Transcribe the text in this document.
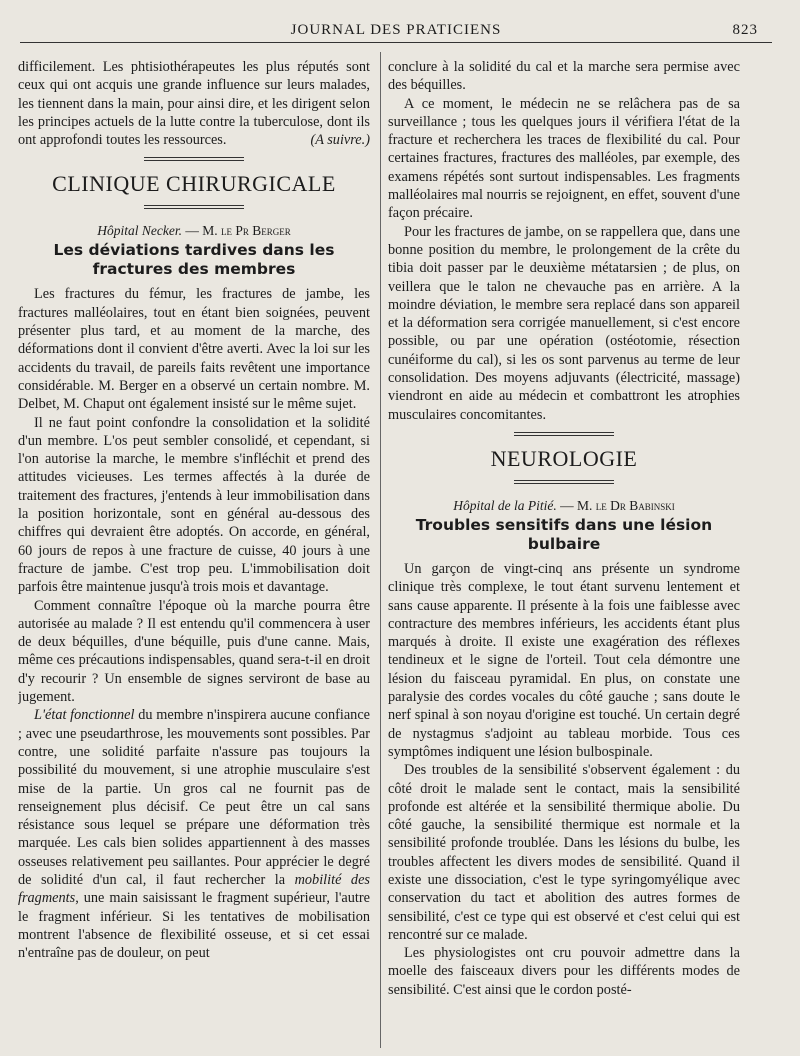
JOURNAL DES PRATICIENS	823

difficilement. Les phtisiothérapeutes les plus réputés sont ceux qui ont acquis une grande influence sur leurs malades, les tiennent dans la main, pour ainsi dire, et les dirigent selon les principes actuels de la lutte contre la tuberculose, dont ils ont approfondi toutes les ressources.	(A suivre.)

CLINIQUE CHIRURGICALE
Hôpital Necker. — M. le Pr Berger
Les déviations tardives dans les fractures des membres

Les fractures du fémur, les fractures de jambe, les fractures malléolaires, tout en étant bien soignées, peuvent présenter plus tard, et au moment de la marche, des déformations dont il convient d'être averti. Avec la loi sur les accidents du travail, de pareils faits revêtent une importance considérable. M. Berger en a observé un certain nombre. M. Delbet, M. Chaput ont également insisté sur le même sujet.

Il ne faut point confondre la consolidation et la solidité d'un membre. L'os peut sembler consolidé, et cependant, si l'on autorise la marche, le membre s'infléchit et prend des attitudes vicieuses. Les termes affectés à la durée de traitement des fractures, j'entends à leur immobilisation dans la position horizontale, sont en général au-dessous des chiffres qui devraient être adoptés. On accorde, en général, 60 jours de repos à une fracture de cuisse, 40 jours à une fracture de jambe. C'est trop peu. L'immobilisation doit parfois être maintenue jusqu'à trois mois et davantage.

Comment connaître l'époque où la marche pourra être autorisée au malade ? Il est entendu qu'il commencera à user de deux béquilles, d'une béquille, puis d'une canne. Mais, même ces précautions indispensables, quand sera-t-il en droit d'y recourir ? Un ensemble de signes serviront de base au jugement.

L'état fonctionnel du membre n'inspirera aucune confiance ; avec une pseudarthrose, les mouvements sont possibles. Par contre, une solidité parfaite n'assure pas toujours la possibilité du mouvement, si une atrophie musculaire s'est mise de la partie. Un gros cal ne fournit pas de renseignement plus décisif. Ce peut être un cal sans résistance sous lequel se prépare une déformation très marquée. Les cals bien solides appartiennent à des masses osseuses relativement peu saillantes. Pour apprécier le degré de solidité d'un cal, il faut rechercher la mobilité des fragments, une main saisissant le fragment supérieur, l'autre le fragment inférieur. Si les tentatives de mobilisation montrent l'absence de flexibilité osseuse, et si cet essai n'entraîne pas de douleur, on peut

conclure à la solidité du cal et la marche sera permise avec des béquilles.

A ce moment, le médecin ne se relâchera pas de sa surveillance ; tous les quelques jours il vérifiera l'état de la fracture et recherchera les traces de flexibilité du cal. Pour certaines fractures, fractures des malléoles, par exemple, des examens répétés sont surtout indispensables. Les fragments malléolaires mal nourris se rejoignent, en effet, souvent d'une façon précaire.

Pour les fractures de jambe, on se rappellera que, dans une bonne position du membre, le prolongement de la crête du tibia doit passer par le deuxième métatarsien ; de plus, on veillera que le talon ne chevauche pas en arrière. A la moindre déviation, le membre sera replacé dans son appareil et la déformation sera corrigée manuellement, si c'est encore possible, ou par une opération (ostéotomie, résection cunéiforme du cal), si les os sont parvenus au terme de leur consolidation. Des moyens adjuvants (électricité, massage) viendront en aide au médecin et combattront les atrophies musculaires concomitantes.

NEUROLOGIE
Hôpital de la Pitié. — M. le Dr Babinski
Troubles sensitifs dans une lésion bulbaire

Un garçon de vingt-cinq ans présente un syndrome clinique très complexe, le tout étant survenu lentement et sans cause apparente. Il présente à la fois une faiblesse avec contracture des membres inférieurs, les accidents étant plus marqués à droite. Il existe une exagération des réflexes tendineux et le signe de l'orteil. Tout cela démontre une lésion du faisceau pyramidal. En plus, on constate une paralysie des cordes vocales du côté gauche ; sans doute le nerf spinal à son noyau d'origine est touché. Un certain degré de nystagmus s'adjoint au tableau morbide. Tous ces symptômes indiquent une lésion bulbospinale.

Des troubles de la sensibilité s'observent également : du côté droit le malade sent le contact, mais la sensibilité profonde est altérée et la sensibilité thermique abolie. Du côté gauche, la sensibilité thermique est normale et la sensibilité profonde troublée. Dans les lésions du bulbe, les troubles affectent les divers modes de sensibilité. Quand il existe une dissociation, c'est le type syringomyélique avec conservation du tact et abolition des autres formes de sensibilité, c'est ce type qui est observé et c'est celui qui est rencontré sur ce malade.

Les physiologistes ont cru pouvoir admettre dans la moelle des faisceaux divers pour les différents modes de sensibilité. C'est ainsi que le cordon posté-
